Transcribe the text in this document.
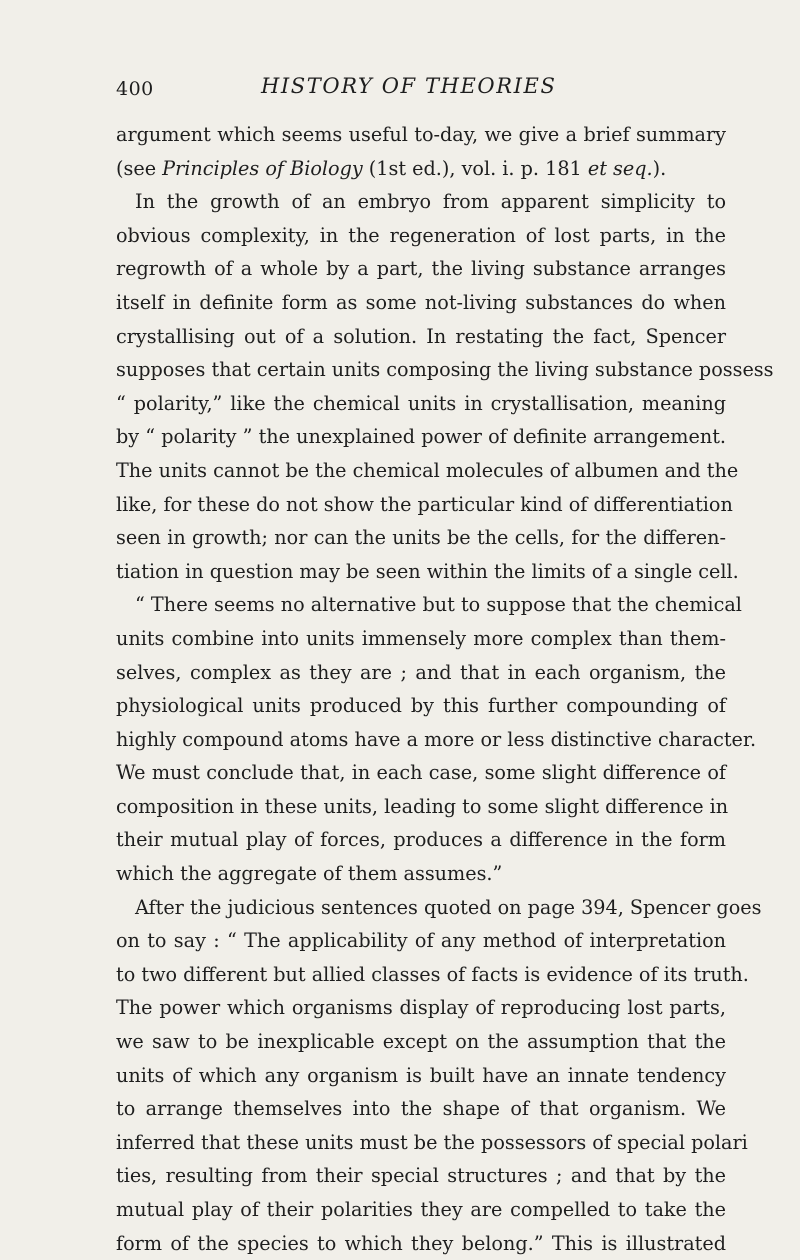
400	HISTORY OF THEORIES
argument which seems useful to-day, we give a brief summary
(see Principles of Biology (1st ed.), vol. i. p. 181 et seq.).
In the growth of an embryo from apparent simplicity to
obvious complexity, in the regeneration of lost parts, in the
regrowth of a whole by a part, the living substance arranges
itself in definite form as some not-living substances do when
crystallising out of a solution. In restating the fact, Spencer
supposes that certain units composing the living substance possess
“ polarity,” like the chemical units in crystallisation, meaning
by “ polarity ” the unexplained power of definite arrangement.
The units cannot be the chemical molecules of albumen and the
like, for these do not show the particular kind of differentiation
seen in growth; nor can the units be the cells, for the differen-
tiation in question may be seen within the limits of a single cell.
“ There seems no alternative but to suppose that the chemical
units combine into units immensely more complex than them-
selves, complex as they are ; and that in each organism, the
physiological units produced by this further compounding of
highly compound atoms have a more or less distinctive character.
We must conclude that, in each case, some slight difference of
composition in these units, leading to some slight difference in
their mutual play of forces, produces a difference in the form
which the aggregate of them assumes.”
After the judicious sentences quoted on page 394, Spencer goes
on to say : “ The applicability of any method of interpretation
to two different but allied classes of facts is evidence of its truth.
The power which organisms display of reproducing lost parts,
we saw to be inexplicable except on the assumption that the
units of which any organism is built have an innate tendency
to arrange themselves into the shape of that organism. We
inferred that these units must be the possessors of special polari
ties, resulting from their special structures ; and that by the
mutual play of their polarities they are compelled to take the
form of the species to which they belong.” This is illustrated
